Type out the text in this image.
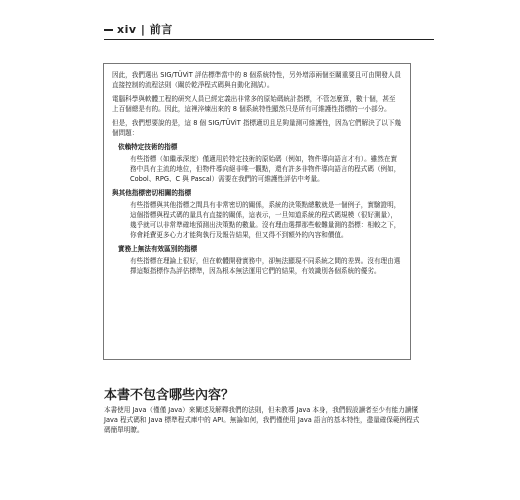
xiv | 前言

因此，我們選出 SIG/TÜViT 評估標準當中的 8 個系統特性，另外增添兩個至關重要且可由開發人員直接控制的流程法則（關於乾淨程式碼與自動化測試）。

電腦科學與軟體工程的研究人員已經定義出非常多的原始碼統計指標，不管怎麼算，數十個，甚至上百個總是有的。因此，這裡淬煉出來的 8 個系統特性顯然只是所有可維護性指標的一小部分。

但是，我們想要說的是，這 8 個 SIG/TÜViT 指標適切且足夠量測可維護性，因為它們解決了以下幾個問題：

依賴特定技術的指標

有些指標（如繼承深度）僅適用於特定技術的原始碼（例如，物件導向語言才有）。雖然在實務中具有主流的地位，但物件導向絕非唯一觀點，還有許多非物件導向語言的程式碼（例如，Cobol、RPG、C 與 Pascal）需要在我們的可維護性評估中考量。

與其他指標密切相關的指標

有些指標與其他指標之間具有非常密切的關係，系統的決策點總數就是一個例子，實驗證明，這個指標與程式碼的量具有直接的關係，這表示，一旦知道系統的程式碼規模（很好測量），幾乎就可以非常準確地預測出決策點的數量。沒有理由選擇那些較難量測的指標：相較之下，你會耗費更多心力才能夠執行及報告結果，但又得不到額外的內容和價值。

實務上無法有效區別的指標

有些指標在理論上很好，但在軟體開發實務中，卻無法顯現不同系統之間的差異。沒有理由選擇這類指標作為評估標準，因為根本無法運用它們的結果，有效識別各個系統的優劣。

本書不包含哪些內容？
本書使用 Java（僅僅 Java）來闡述及解釋我們的法則，但未教導 Java 本身，我們假設讀者至少有能力讀懂 Java 程式碼和 Java 標準程式庫中的 API。無論如何，我們僅使用 Java 語言的基本特性，盡量確保範例程式碼簡單明瞭。
